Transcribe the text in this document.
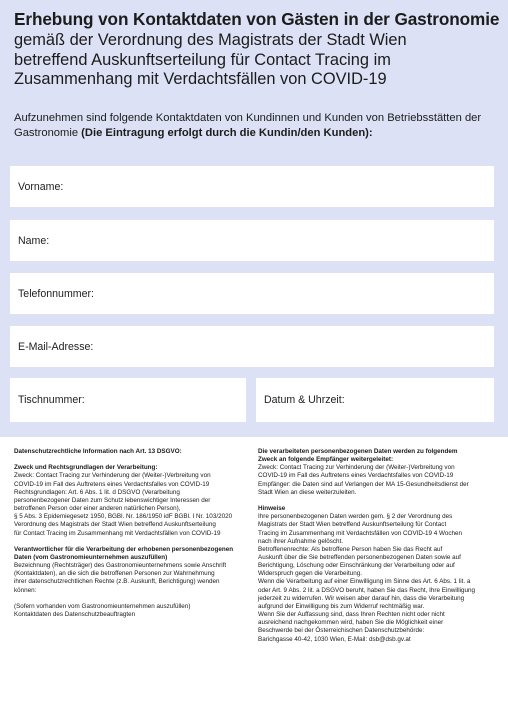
Erhebung von Kontaktdaten von Gästen in der Gastronomie
gemäß der Verordnung des Magistrats der Stadt Wien
betreffend Auskunftserteilung für Contact Tracing im
Zusammenhang mit Verdachtsfällen von COVID-19
Aufzunehmen sind folgende Kontaktdaten von Kundinnen und Kunden von Betriebsstätten der Gastronomie (Die Eintragung erfolgt durch die Kundin/den Kunden):
Vorname:
Name:
Telefonnummer:
E-Mail-Adresse:
Tischnummer:	Datum & Uhrzeit:

Datenschutzrechtliche Information nach Art. 13 DSGVO:

Zweck und Rechtsgrundlagen der Verarbeitung:
Zweck: Contact Tracing zur Verhinderung der (Weiter-)Verbreitung von
COVID-19 im Fall des Auftretens eines Verdachtsfalles von COVID-19
Rechtsgrundlagen: Art. 6 Abs. 1 lit. d DSGVO (Verarbeitung
personenbezogener Daten zum Schutz lebenswichtiger Interessen der
betroffenen Person oder einer anderen natürlichen Person),
§ 5 Abs. 3 Epidemiegesetz 1950, BGBl. Nr. 186/1950 idF BGBl. I Nr. 103/2020
Verordnung des Magistrats der Stadt Wien betreffend Auskunftserteilung
für Contact Tracing im Zusammenhang mit Verdachtsfällen von COVID-19

Verantwortlicher für die Verarbeitung der erhobenen personenbezogenen
Daten (vom Gastronomieunternehmen auszufüllen)
Bezeichnung (Rechtsträger) des Gastronomieunternehmens sowie Anschrift
(Kontaktdaten), an die sich die betroffenen Personen zur Wahrnehmung
ihrer datenschutzrechtlichen Rechte (z.B. Auskunft, Berichtigung) wenden
können:

(Sofern vorhanden vom Gastronomieunternehmen auszufüllen)
Kontaktdaten des Datenschutzbeauftragten
Die verarbeiteten personenbezogenen Daten werden zu folgendem
Zweck an folgende Empfänger weitergeleitet:
Zweck: Contact Tracing zur Verhinderung der (Weiter-)Verbreitung von
COVID-19 im Fall des Auftretens eines Verdachtsfalles von COVID-19
Empfänger: die Daten sind auf Verlangen der MA 15-Gesundheitsdienst der
Stadt Wien an diese weiterzuleiten.

Hinweise
Ihre personenbezogenen Daten werden gem. § 2 der Verordnung des
Magistrats der Stadt Wien betreffend Auskunftserteilung für Contact
Tracing im Zusammenhang mit Verdachtsfällen von COVID-19 4 Wochen
nach ihrer Aufnahme gelöscht.
Betroffenenrechte: Als betroffene Person haben Sie das Recht auf
Auskunft über die Sie betreffenden personenbezogenen Daten sowie auf
Berichtigung, Löschung oder Einschränkung der Verarbeitung oder auf
Widerspruch gegen die Verarbeitung.
Wenn die Verarbeitung auf einer Einwilligung im Sinne des Art. 6 Abs. 1 lit. a
oder Art. 9 Abs. 2 lit. a DSGVO beruht, haben Sie das Recht, Ihre Einwilligung
jederzeit zu widerrufen. Wir weisen aber darauf hin, dass die Verarbeitung
aufgrund der Einwilligung bis zum Widerruf rechtmäßig war.
Wenn Sie der Auffassung sind, dass Ihren Rechten nicht oder nicht
ausreichend nachgekommen wird, haben Sie die Möglichkeit einer
Beschwerde bei der Österreichischen Datenschutzbehörde:
Barichgasse 40-42, 1030 Wien, E-Mail: dsb@dsb.gv.at
